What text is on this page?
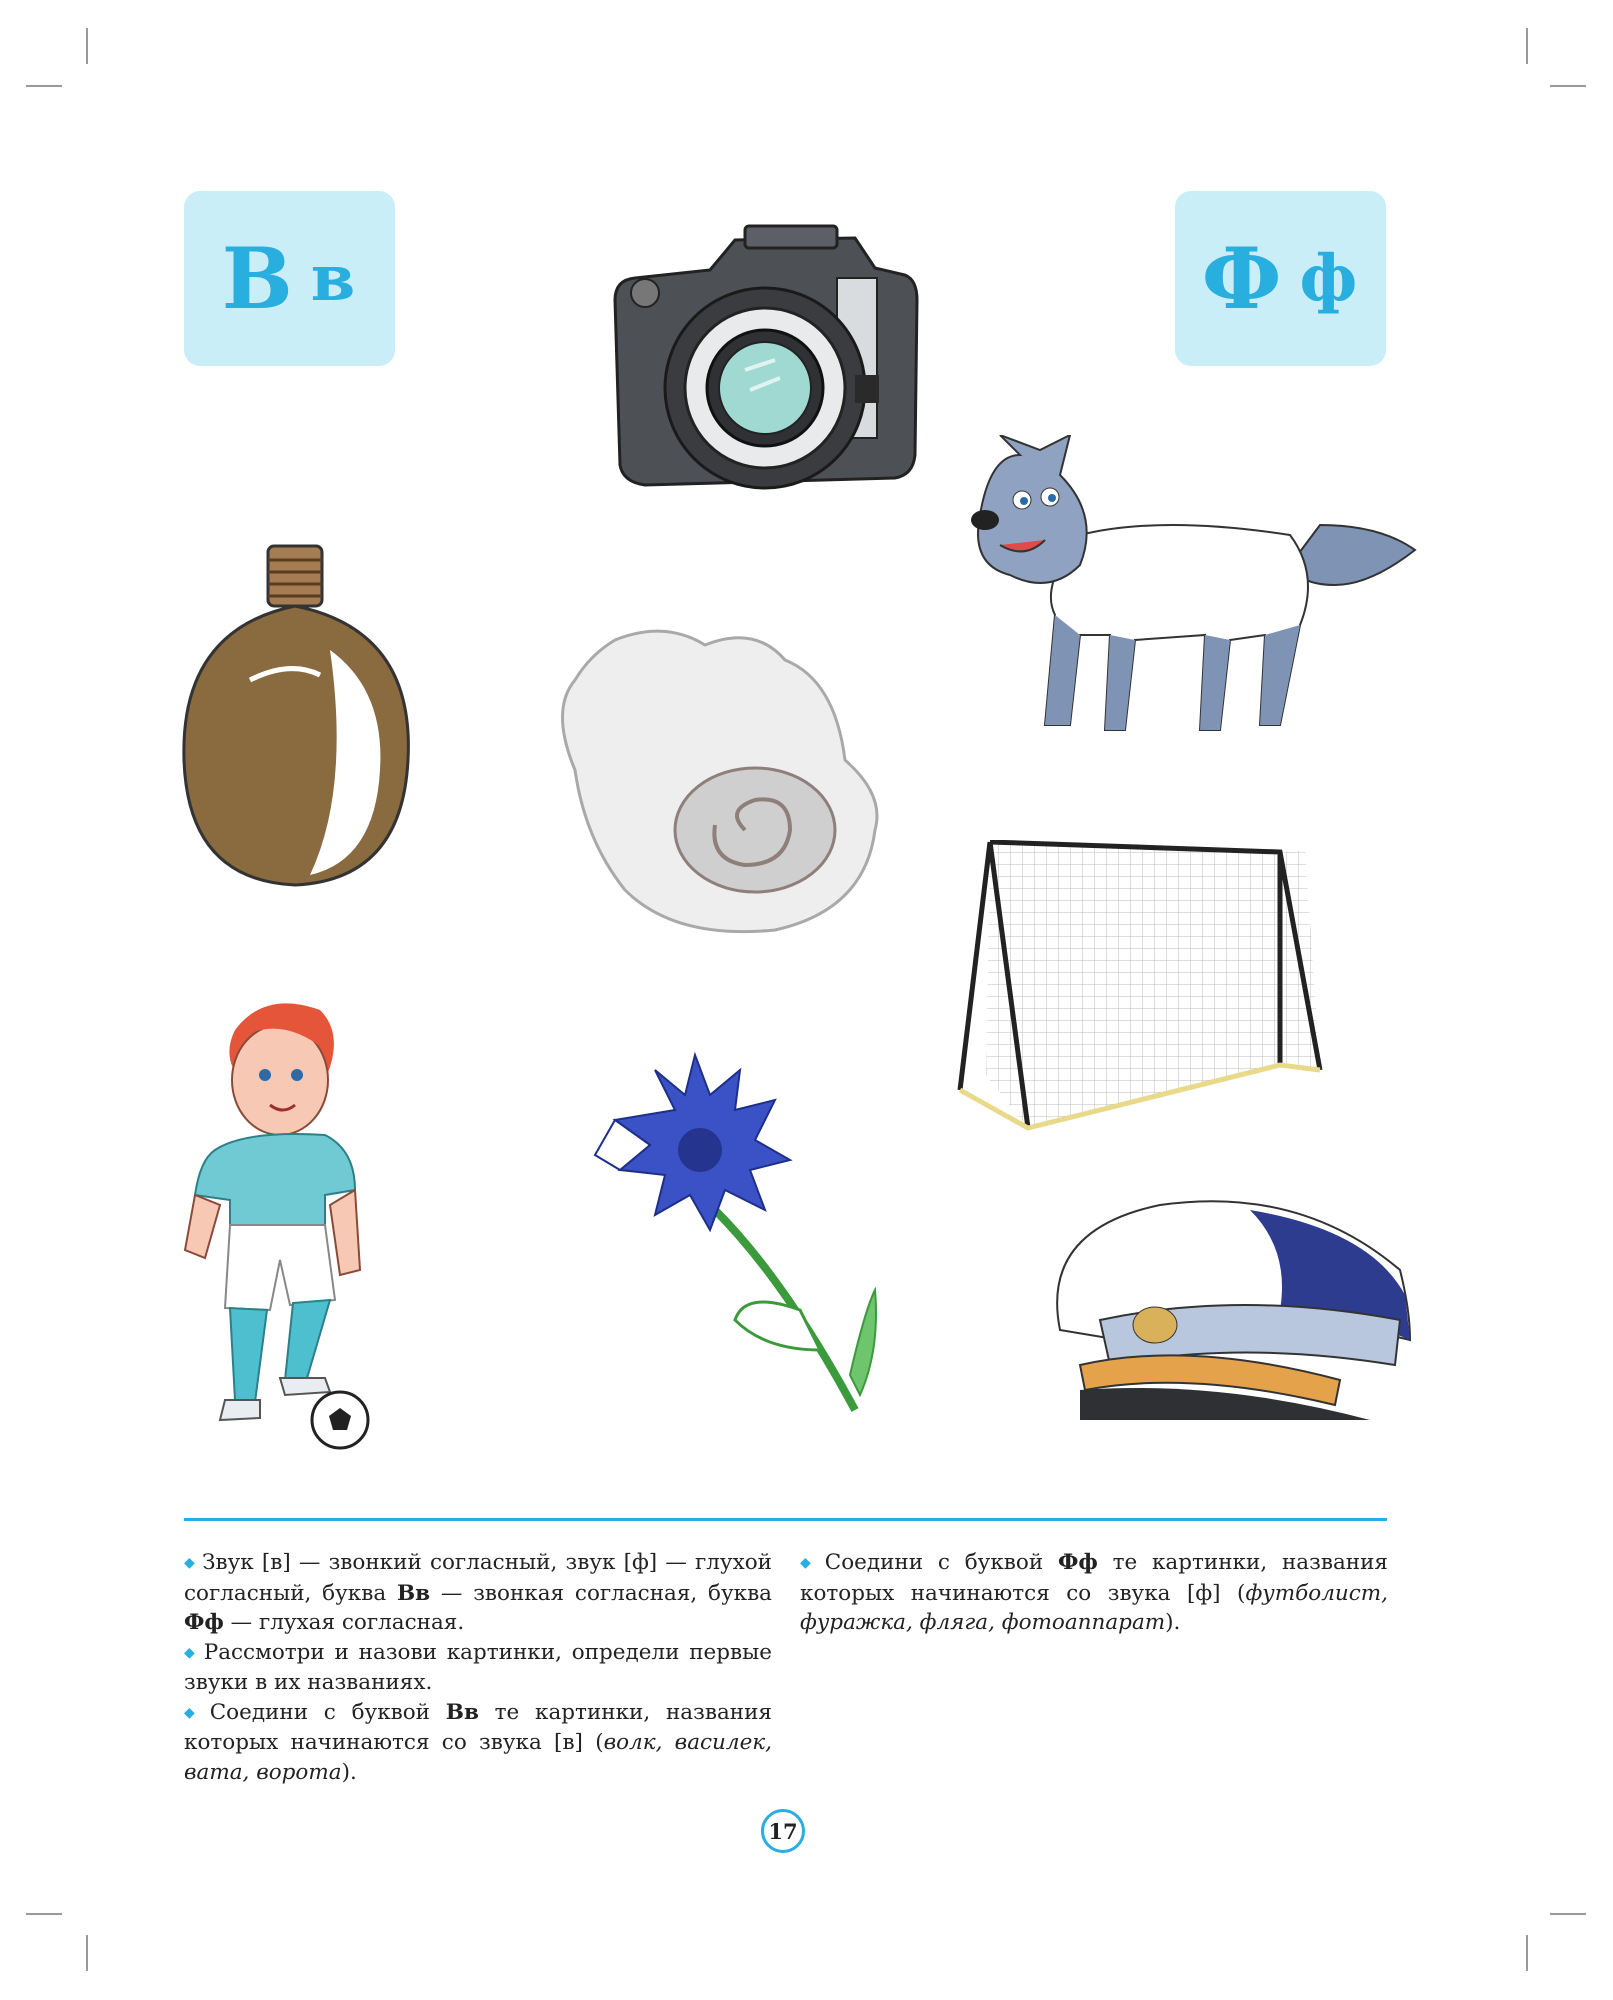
В в	Ф ф

◆ Звук [в] — звонкий согласный, звук [ф] — глухой согласный, буква Вв — звонкая согласная, буква Фф — глухая согласная.

◆ Рассмотри и назови картинки, определи первые звуки в их названиях.

◆ Соедини с буквой Вв те картинки, названия которых начинаются со звука [в] (волк, василек, вата, ворота).

◆ Соедини с буквой Фф те картинки, названия которых начинаются со звука [ф] (футболист, фуражка, фляга, фотоаппарат).

17
